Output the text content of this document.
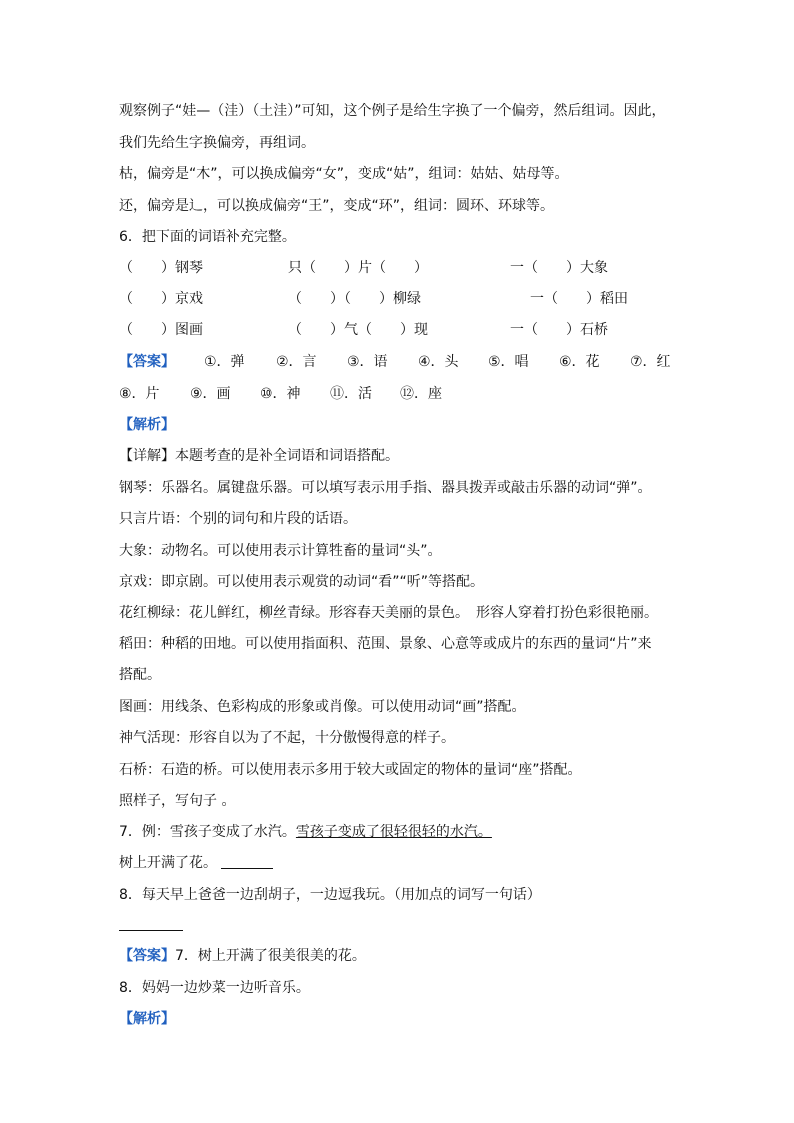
观察例子“娃—（洼）（土洼）”可知，这个例子是给生字换了一个偏旁，然后组词。因此，
我们先给生字换偏旁，再组词。
枯，偏旁是“木”，可以换成偏旁“女”，变成“姑”，组词：姑姑、姑母等。
还，偏旁是⻌，可以换成偏旁“王”，变成“环”，组词：圆环、环球等。
6．把下面的词语补充完整。
（　　）钢琴	只（　　）片（　　）	一（　　）大象
（　　）京戏	（　　）（　　）柳绿	一（　　）稻田
（　　）图画	（　　）气（　　）现	一（　　）石桥
【答案】 ①．弹 ②．言 ③．语 ④．头 ⑤．唱 ⑥．花 ⑦．红
⑧．片 ⑨．画 ⑩．神 ⑪．活 ⑫．座
【解析】
【详解】本题考查的是补全词语和词语搭配。
钢琴：乐器名。属键盘乐器。可以填写表示用手指、器具拨弄或敲击乐器的动词“弹”。
只言片语：个别的词句和片段的话语。
大象：动物名。可以使用表示计算牲畜的量词“头”。
京戏：即京剧。可以使用表示观赏的动词“看”“听”等搭配。
花红柳绿：花儿鲜红，柳丝青绿。形容春天美丽的景色。　形容人穿着打扮色彩很艳丽。
稻田：种稻的田地。可以使用指面积、范围、景象、心意等或成片的东西的量词“片”来
搭配。
图画：用线条、色彩构成的形象或肖像。可以使用动词“画”搭配。
神气活现：形容自以为了不起，十分傲慢得意的样子。
石桥：石造的桥。可以使用表示多用于较大或固定的物体的量词“座”搭配。
照样子，写句子 。
7．例：雪孩子变成了水汽。雪孩子变成了很轻很轻的水汽。
树上开满了花。
8．每天早上爸爸一边刮胡子，一边逗我玩。（用加点的词写一句话）
【答案】7．树上开满了很美很美的花。
8．妈妈一边炒菜一边听音乐。
【解析】
